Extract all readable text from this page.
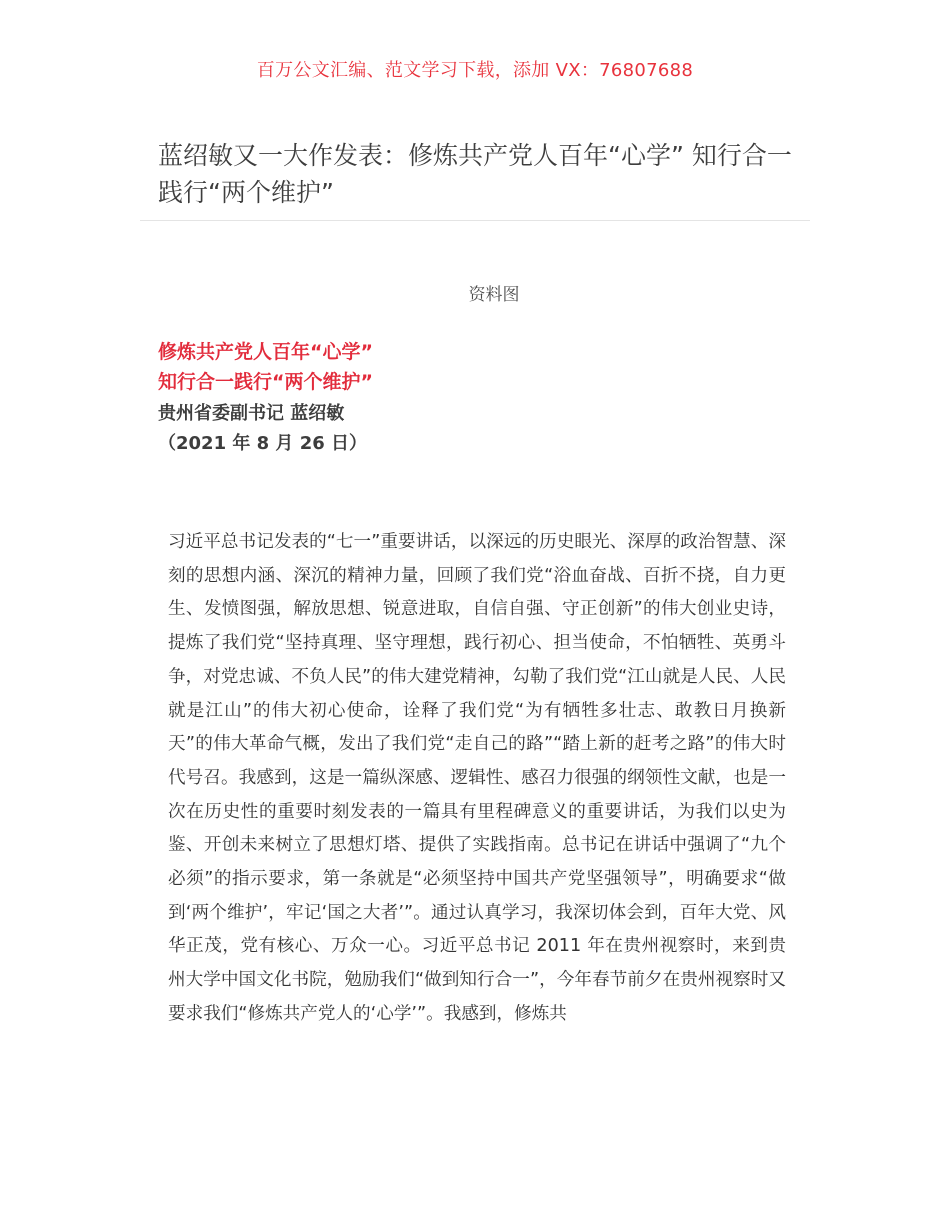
百万公文汇编、范文学习下载，添加 VX：76807688
蓝绍敏又一大作发表：修炼共产党人百年“心学” 知行合一践行“两个维护”
资料图
修炼共产党人百年“心学”
知行合一践行“两个维护”
贵州省委副书记 蓝绍敏
（2021 年 8 月 26 日）

习近平总书记发表的“七一”重要讲话，以深远的历史眼光、深厚的政治智慧、深刻的思想内涵、深沉的精神力量，回顾了我们党“浴血奋战、百折不挠，自力更生、发愤图强，解放思想、锐意进取，自信自强、守正创新”的伟大创业史诗，提炼了我们党“坚持真理、坚守理想，践行初心、担当使命，不怕牺牲、英勇斗争，对党忠诚、不负人民”的伟大建党精神，勾勒了我们党“江山就是人民、人民就是江山”的伟大初心使命，诠释了我们党“为有牺牲多壮志、敢教日月换新天”的伟大革命气概，发出了我们党“走自己的路”“踏上新的赶考之路”的伟大时代号召。我感到，这是一篇纵深感、逻辑性、感召力很强的纲领性文献，也是一次在历史性的重要时刻发表的一篇具有里程碑意义的重要讲话，为我们以史为鉴、开创未来树立了思想灯塔、提供了实践指南。总书记在讲话中强调了“九个必须”的指示要求，第一条就是“必须坚持中国共产党坚强领导”，明确要求“做到‘两个维护’，牢记‘国之大者’”。通过认真学习，我深切体会到，百年大党、风华正茂，党有核心、万众一心。习近平总书记 2011 年在贵州视察时，来到贵州大学中国文化书院，勉励我们“做到知行合一”，今年春节前夕在贵州视察时又要求我们“修炼共产党人的‘心学’”。我感到，修炼共
